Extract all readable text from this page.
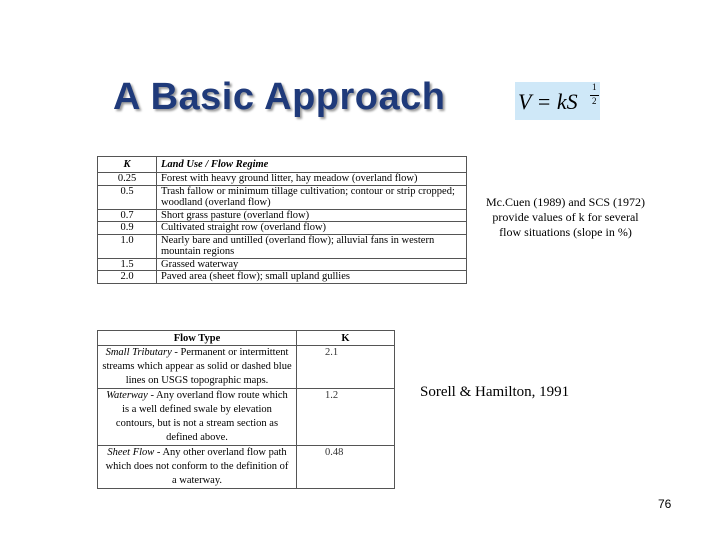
A Basic Approach	V = kS
1
2
K	Land Use / Flow Regime
0.25	Forest with heavy ground litter, hay meadow (overland flow)
0.5	Trash fallow or minimum tillage cultivation; contour or strip cropped; woodland (overland flow)
0.7	Short grass pasture (overland flow)
0.9	Cultivated straight row (overland flow)
1.0	Nearly bare and untilled (overland flow); alluvial fans in western mountain regions
1.5	Grassed waterway
2.0	Paved area (sheet flow); small upland gullies
Mc.Cuen (1989) and SCS (1972) provide values of k for several flow situations (slope in %)
Flow Type	K
Small Tributary - Permanent or intermittent streams which appear as solid or dashed blue lines on USGS topographic maps.	2.1
Waterway - Any overland flow route which is a well defined swale by elevation contours, but is not a stream section as defined above.	1.2
Sheet Flow - Any other overland flow path which does not conform to the definition of a waterway.	0.48
Sorell & Hamilton, 1991
76
